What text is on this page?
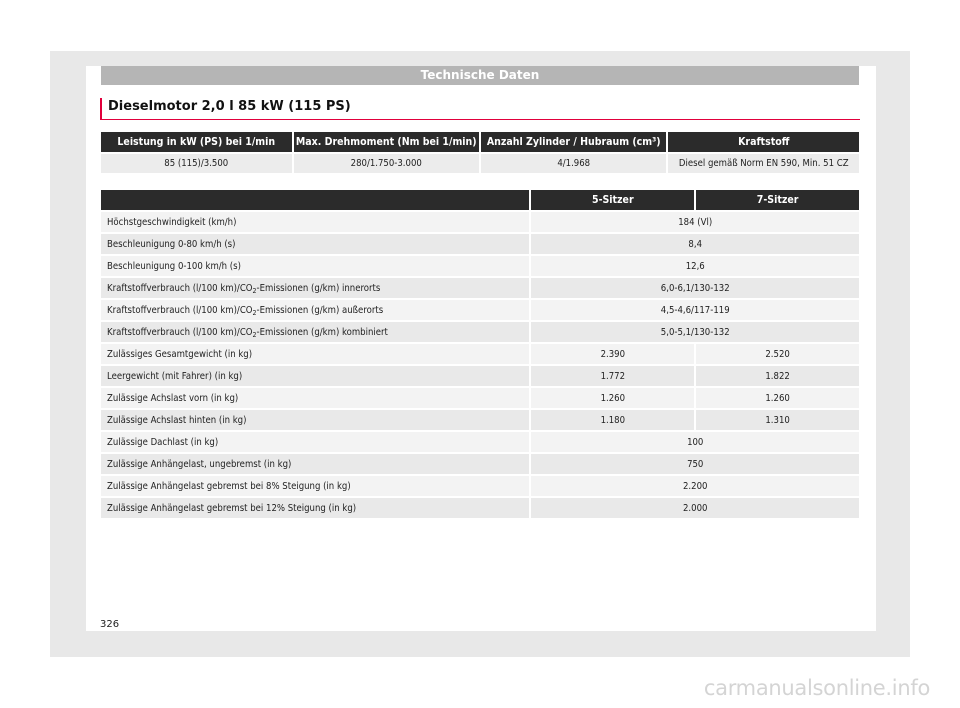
Technische Daten
Dieselmotor 2,0 l 85 kW (115 PS)
Leistung in kW (PS) bei 1/min	Max. Drehmoment (Nm bei 1/min)	Anzahl Zylinder / Hubraum (cm³)	Kraftstoff
85 (115)/3.500	280/1.750-3.000	4/1.968	Diesel gemäß Norm EN 590, Min. 51 CZ
	5-Sitzer	7-Sitzer
Höchstgeschwindigkeit (km/h)	184 (Vl)	
Beschleunigung 0-80 km/h (s)	8,4	
Beschleunigung 0-100 km/h (s)	12,6	
Kraftstoffverbrauch (l/100 $km)/CO_2$-Emissionen (g/km) innerorts	6,0-6,1/130-132	
Kraftstoffverbrauch (l/100 $km)/CO_2$-Emissionen (g/km) außerorts	4,5-4,6/117-119	
Kraftstoffverbrauch (l/100 $km)/CO_2$-Emissionen (g/km) kombiniert	5,0-5,1/130-132	
Zulässiges Gesamtgewicht (in kg)	2.390	2.520
Leergewicht (mit Fahrer) (in kg)	1.772	1.822
Zulässige Achslast vorn (in kg)	1.260	1.260
Zulässige Achslast hinten (in kg)	1.180	1.310
Zulässige Dachlast (in kg)	100	
Zulässige Anhängelast, ungebremst (in kg)	750	
Zulässige Anhängelast gebremst bei 8% Steigung (in kg)	2.200	
Zulässige Anhängelast gebremst bei 12% Steigung (in kg)	2.000	
326
carmanualsonline.info
